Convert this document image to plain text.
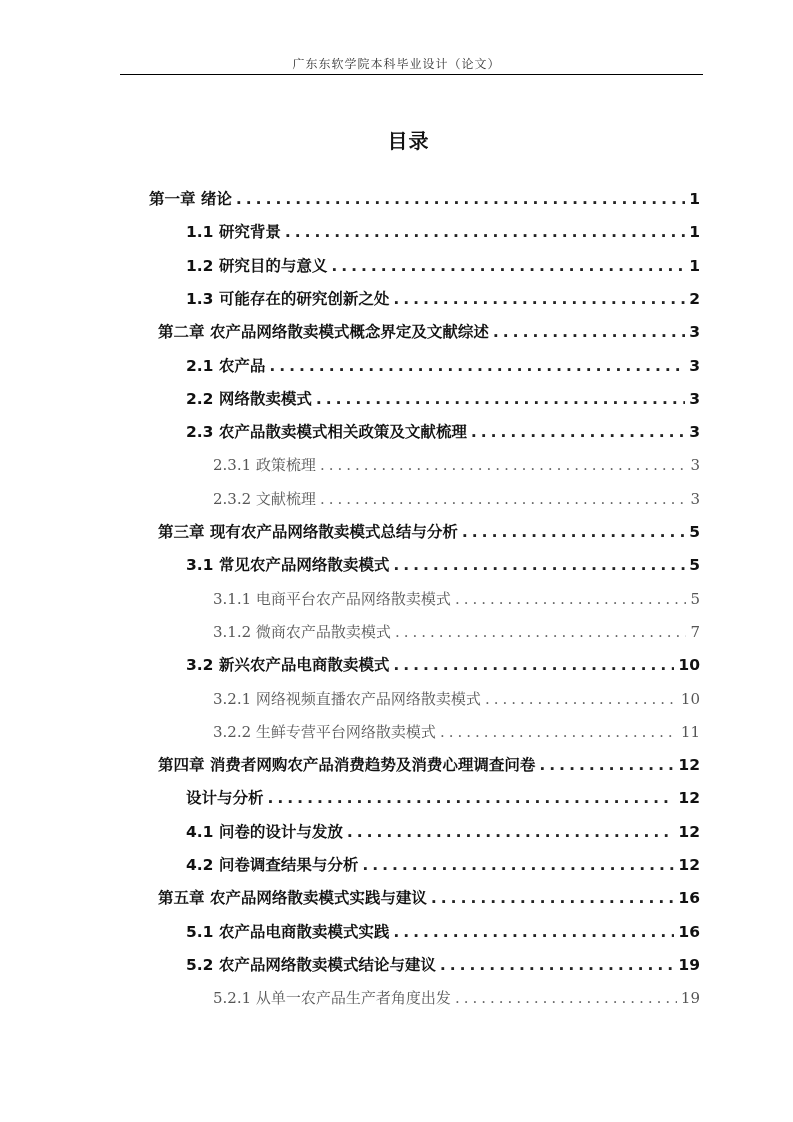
广东东软学院本科毕业设计（论文）
目录
第一章 绪论 .....	1
1.1 研究背景 .....	1
1.2 研究目的与意义 .....	1
1.3 可能存在的研究创新之处 .....	2
第二章 农产品网络散卖模式概念界定及文献综述 .....	3
2.1 农产品 .....	3
2.2 网络散卖模式 .....	3
2.3 农产品散卖模式相关政策及文献梳理 .....	3
2.3.1 政策梳理 .....	3
2.3.2 文献梳理 .....	3
第三章 现有农产品网络散卖模式总结与分析 .....	5
3.1 常见农产品网络散卖模式 .....	5
3.1.1 电商平台农产品网络散卖模式 .....	5
3.1.2 微商农产品散卖模式 .....	7
3.2 新兴农产品电商散卖模式 .....	10
3.2.1 网络视频直播农产品网络散卖模式 .....	10
3.2.2 生鲜专营平台网络散卖模式 .....	11
第四章 消费者网购农产品消费趋势及消费心理调查问卷 .....	12
设计与分析 .....	12
4.1 问卷的设计与发放 .....	12
4.2 问卷调查结果与分析 .....	12
第五章 农产品网络散卖模式实践与建议 .....	16
5.1 农产品电商散卖模式实践 .....	16
5.2 农产品网络散卖模式结论与建议 .....	19
5.2.1 从单一农产品生产者角度出发 .....	19
